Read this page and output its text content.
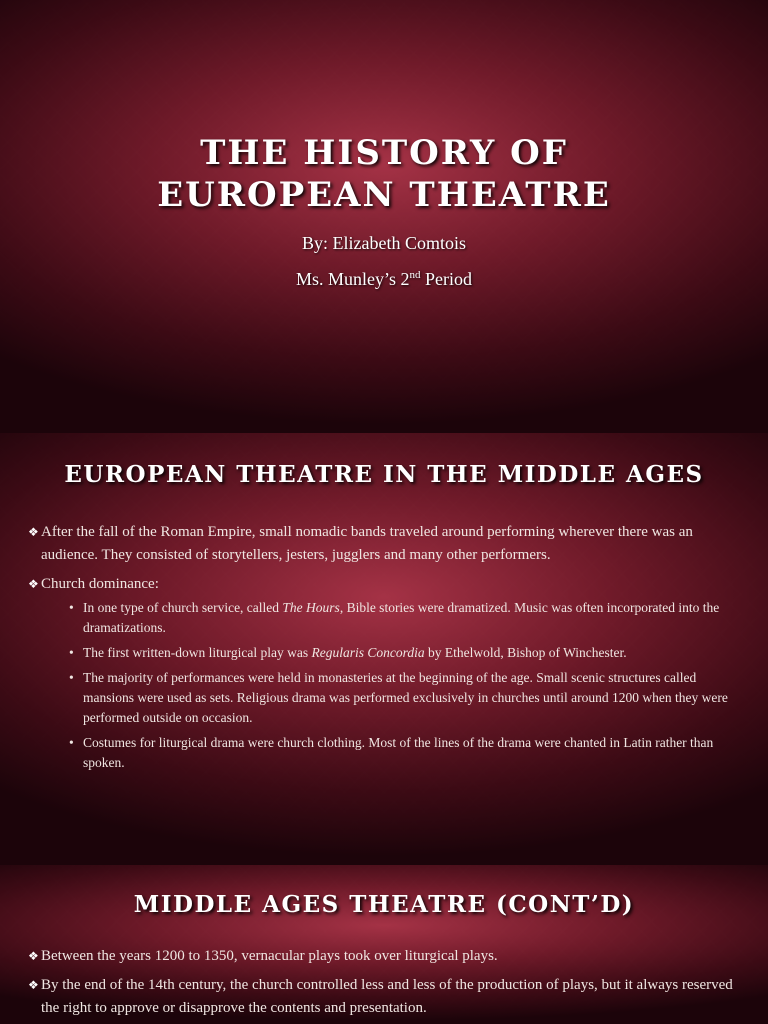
THE HISTORY OF
EUROPEAN THEATRE
By: Elizabeth Comtois
Ms. Munley’s 2nd Period
EUROPEAN THEATRE IN THE MIDDLE AGES
❖ After the fall of the Roman Empire, small nomadic bands traveled around performing wherever there was an audience. They consisted of storytellers, jesters, jugglers and many other performers.
❖ Church dominance:
• In one type of church service, called The Hours, Bible stories were dramatized. Music was often incorporated into the dramatizations.
• The first written-down liturgical play was Regularis Concordia by Ethelwold, Bishop of Winchester.
• The majority of performances were held in monasteries at the beginning of the age. Small scenic structures called mansions were used as sets. Religious drama was performed exclusively in churches until around 1200 when they were performed outside on occasion.
• Costumes for liturgical drama were church clothing. Most of the lines of the drama were chanted in Latin rather than spoken.
MIDDLE AGES THEATRE (CONT’D)
❖ Between the years 1200 to 1350, vernacular plays took over liturgical plays.
❖ By the end of the 14th century, the church controlled less and less of the production of plays, but it always reserved the right to approve or disapprove the contents and presentation.
